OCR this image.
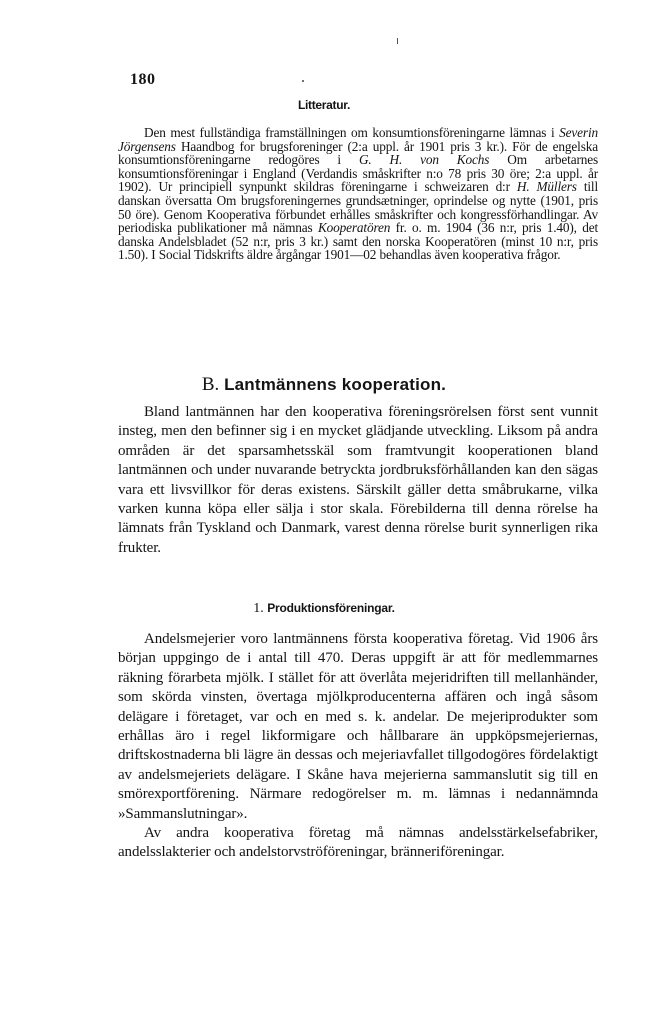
180
Litteratur.

Den mest fullständiga framställningen om konsumtionsföreningarne lämnas i Severin Jörgensens Haandbog for brugsforeninger (2:a uppl. år 1901 pris 3 kr.). För de engelska konsumtionsföreningarne redogöres i G. H. von Kochs Om arbetarnes konsumtionsföreningar i England (Verdandis småskrifter n:o 78 pris 30 öre; 2:a uppl. år 1902). Ur principiell synpunkt skildras föreningarne i schweizaren d:r H. Müllers till danskan översatta Om brugsforeningernes grundsætninger, oprindelse og nytte (1901, pris 50 öre). Genom Kooperativa förbundet erhålles småskrifter och kongressförhandlingar. Av periodiska publikationer må nämnas Kooperatören fr. o. m. 1904 (36 n:r, pris 1.40), det danska Andelsbladet (52 n:r, pris 3 kr.) samt den norska Kooperatören (minst 10 n:r, pris 1.50). I Social Tidskrifts äldre årgångar 1901—02 behandlas även kooperativa frågor.

B. Lantmännens kooperation.

Bland lantmännen har den kooperativa föreningsrörelsen först sent vunnit insteg, men den befinner sig i en mycket glädjande utveckling. Liksom på andra områden är det sparsamhetsskäl som framtvungit kooperationen bland lantmännen och under nuvarande betryckta jordbruksförhållanden kan den sägas vara ett livsvillkor för deras existens. Särskilt gäller detta småbrukarne, vilka varken kunna köpa eller sälja i stor skala. Förebilderna till denna rörelse ha lämnats från Tyskland och Danmark, varest denna rörelse burit synnerligen rika frukter.

1. Produktionsföreningar.

Andelsmejerier voro lantmännens första kooperativa företag. Vid 1906 års början uppgingo de i antal till 470. Deras uppgift är att för medlemmarnes räkning förarbeta mjölk. I stället för att överlåta mejeridriften till mellanhänder, som skörda vinsten, övertaga mjölkproducenterna affären och ingå såsom delägare i företaget, var och en med s. k. andelar. De mejeriprodukter som erhållas äro i regel likformigare och hållbarare än uppköpsmejeriernas, driftskostnaderna bli lägre än dessas och mejeriavfallet tillgodogöres fördelaktigt av andelsmejeriets delägare. I Skåne hava mejerierna sammanslutit sig till en smörexportförening. Närmare redogörelser m. m. lämnas i nedannämnda »Sammanslutningar».

Av andra kooperativa företag må nämnas andelsstärkelsefabriker, andelsslakterier och andelstorvströföreningar, bränneriföreningar.
